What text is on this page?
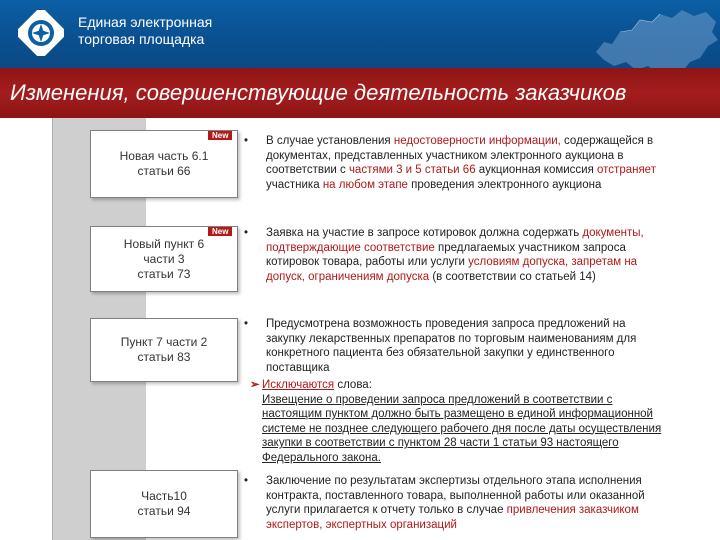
Единая электронная
торговая площадка
Изменения, совершенствующие деятельность заказчиков
Новая часть 6.1
статьи 66
New	• В случае установления недостоверности информации, содержащейся в документах, представленных участником электронного аукциона в соответствии с частями 3 и 5 статьи 66 аукционная комиссия отстраняет участника на любом этапе проведения электронного аукциона
Новый пункт 6
части 3
статьи 73
New	• Заявка на участие в запросе котировок должна содержать документы, подтверждающие соответствие предлагаемых участником запроса котировок товара, работы или услуги условиям допуска, запретам на допуск, ограничениям допуска (в соответствии со статьей 14)
Пункт 7 части 2
статьи 83
• Предусмотрена возможность проведения запроса предложений на закупку лекарственных препаратов по торговым наименованиям для конкретного пациента без обязательной закупки у единственного поставщика
➢ Исключаются слова:
Извещение о проведении запроса предложений в соответствии с настоящим пунктом должно быть размещено в единой информационной системе не позднее следующего рабочего дня после даты осуществления закупки в соответствии с пунктом 28 части 1 статьи 93 настоящего Федерального закона.
Часть10
статьи 94
• Заключение по результатам экспертизы отдельного этапа исполнения контракта, поставленного товара, выполненной работы или оказанной услуги прилагается к отчету только в случае привлечения заказчиком экспертов, экспертных организаций
